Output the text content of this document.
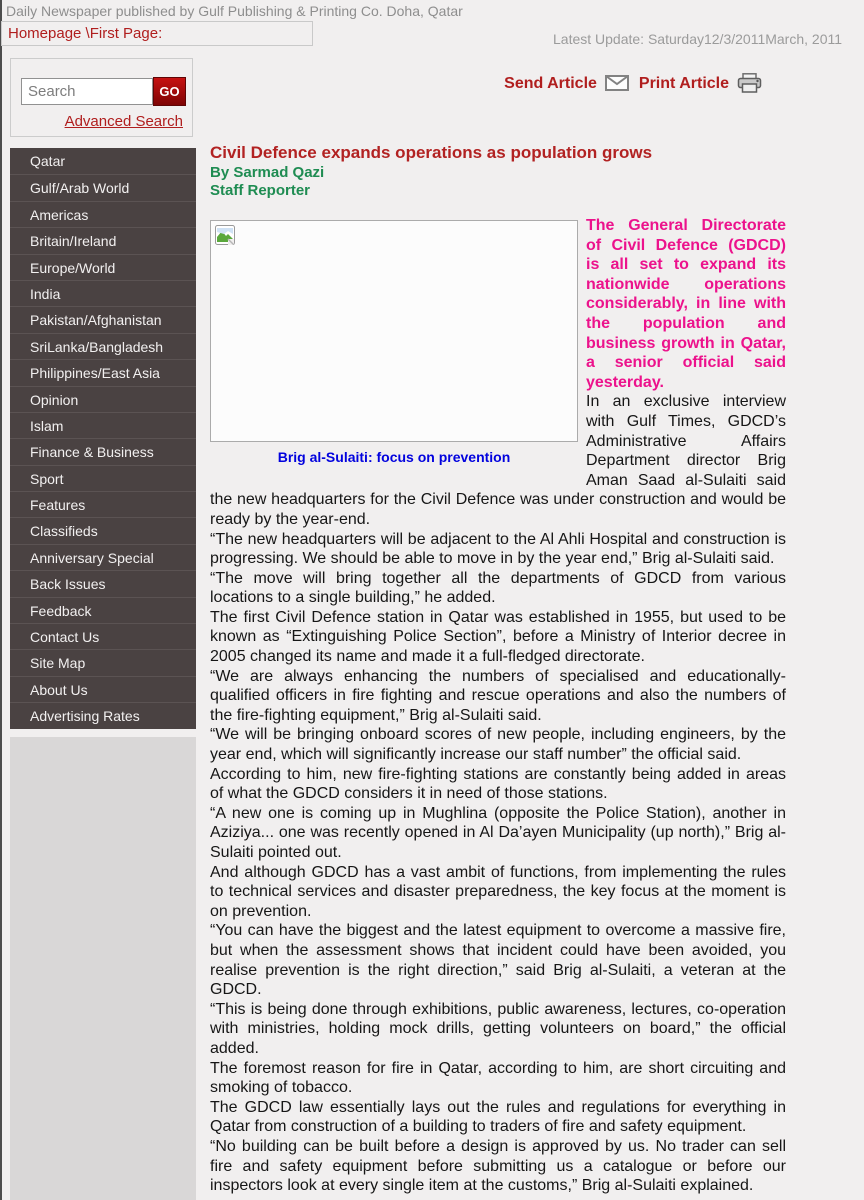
Daily Newspaper published by Gulf Publishing & Printing Co. Doha, Qatar
Homepage \First Page:	Latest Update: Saturday12/3/2011March, 2011
Search
GO
Advanced Search
Qatar
Gulf/Arab World
Americas
Britain/Ireland
Europe/World
India
Pakistan/Afghanistan
SriLanka/Bangladesh
Philippines/East Asia
Opinion
Islam
Finance & Business
Sport
Features
Classifieds
Anniversary Special
Back Issues
Feedback
Contact Us
Site Map
About Us
Advertising Rates
Send Article	Print Article
Civil Defence expands operations as population grows
By Sarmad Qazi
Staff Reporter
Brig al-Sulaiti: focus on prevention

The General Directorate of Civil Defence (GDCD) is all set to expand its nationwide operations considerably, in line with the population and business growth in Qatar, a senior official said yesterday.

In an exclusive interview with Gulf Times, GDCD’s Administrative Affairs Department director Brig Aman Saad al-Sulaiti said the new headquarters for the Civil Defence was under construction and would be ready by the year-end.

“The new headquarters will be adjacent to the Al Ahli Hospital and construction is progressing. We should be able to move in by the year end,” Brig al-Sulaiti said.

“The move will bring together all the departments of GDCD from various locations to a single building,” he added.

The first Civil Defence station in Qatar was established in 1955, but used to be known as “Extinguishing Police Section”, before a Ministry of Interior decree in 2005 changed its name and made it a full-fledged directorate.

“We are always enhancing the numbers of specialised and educationally-qualified officers in fire fighting and rescue operations and also the numbers of the fire-fighting equipment,” Brig al-Sulaiti said.

“We will be bringing onboard scores of new people, including engineers, by the year end, which will significantly increase our staff number” the official said.

According to him, new fire-fighting stations are constantly being added in areas of what the GDCD considers it in need of those stations.

“A new one is coming up in Mughlina (opposite the Police Station), another in Aziziya... one was recently opened in Al Da’ayen Municipality (up north),” Brig al-Sulaiti pointed out.

And although GDCD has a vast ambit of functions, from implementing the rules to technical services and disaster preparedness, the key focus at the moment is on prevention.

“You can have the biggest and the latest equipment to overcome a massive fire, but when the assessment shows that incident could have been avoided, you realise prevention is the right direction,” said Brig al-Sulaiti, a veteran at the GDCD.

“This is being done through exhibitions, public awareness, lectures, co-operation with ministries, holding mock drills, getting volunteers on board,” the official added.

The foremost reason for fire in Qatar, according to him, are short circuiting and smoking of tobacco.

The GDCD law essentially lays out the rules and regulations for everything in Qatar from construction of a building to traders of fire and safety equipment.

“No building can be built before a design is approved by us. No trader can sell fire and safety equipment before submitting us a catalogue or before our inspectors look at every single item at the customs,” Brig al-Sulaiti explained.
